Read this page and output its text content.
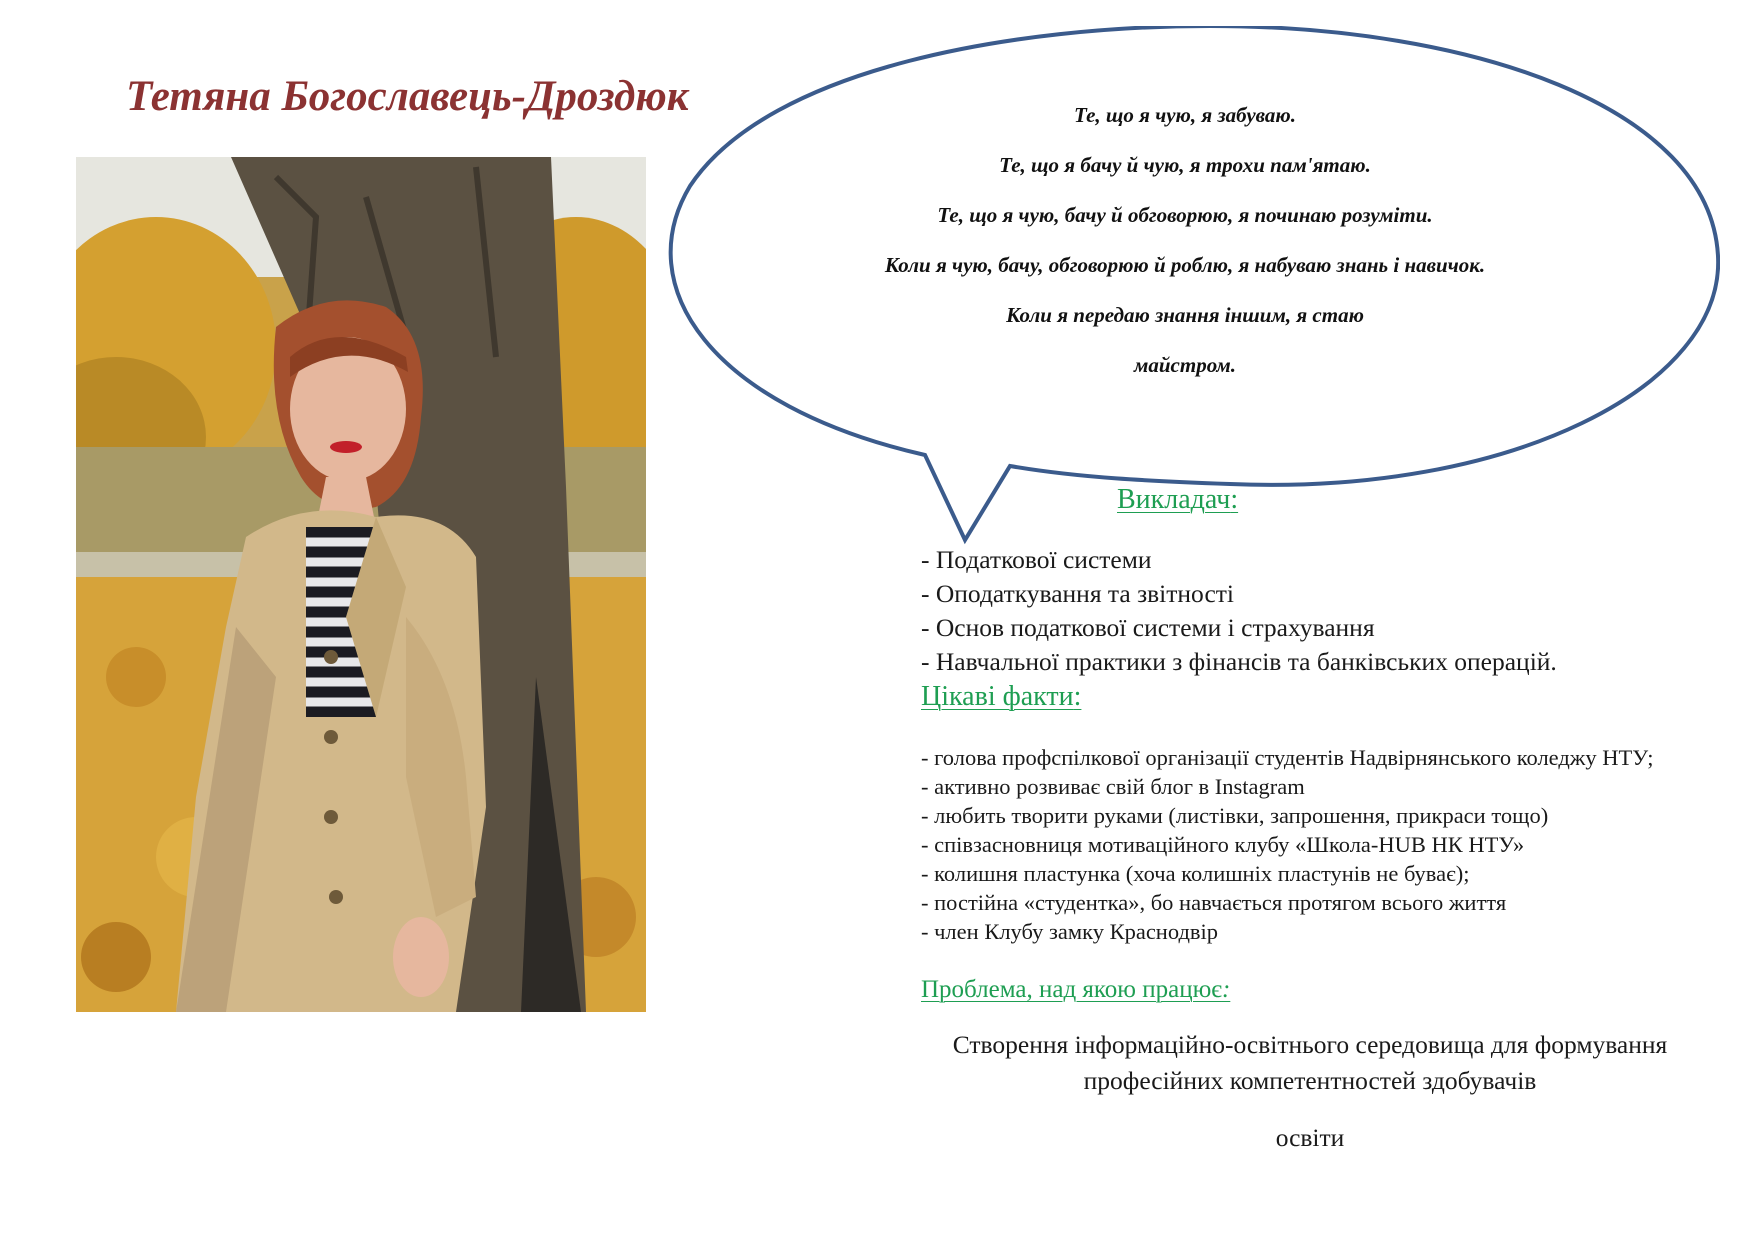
Тетяна Богославець-Дроздюк	Те, що я чую, я забуваю.

Те, що я бачу й чую, я трохи пам'ятаю.

Те, що я чую, бачу й обговорюю, я починаю розуміти.

Коли я чую, бачу, обговорюю й роблю, я набуваю знань і навичок.

Коли я передаю знання іншим, я стаю

майстром.

Викладач:
- Податкової системи
- Оподаткування та звітності
- Основ податкової системи і страхування
- Навчальної практики з фінансів та банківських операцій.
Цікаві факти:
- голова профспілкової організації студентів Надвірнянського коледжу НТУ;
- активно розвиває свій блог в Instagram
- любить творити руками (листівки, запрошення, прикраси тощо)
- співзасновниця мотиваційного клубу «Школа-HUB НК НТУ»
- колишня пластунка (хоча колишніх пластунів не буває);
- постійна «студентка», бо навчається протягом всього життя
- член Клубу замку Краснодвір
Проблема, над якою працює:
Створення інформаційно-освітнього середовища для формування професійних компетентностей здобувачів
освіти
